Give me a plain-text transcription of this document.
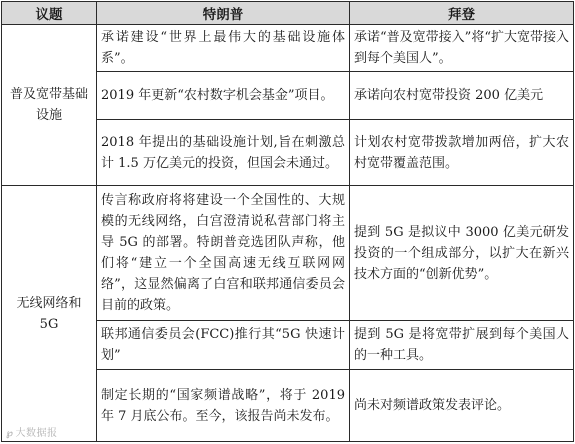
议题	特朗普	拜登
普及宽带基础设施	承诺建设“世界上最伟大的基础设施体系”。	承诺“普及宽带接入”将“扩大宽带接入到每个美国人”。
	2019 年更新“农村数字机会基金”项目。	承诺向农村宽带投资 200 亿美元
	2018 年提出的基础设施计划,旨在刺激总计 1.5 万亿美元的投资，但国会未通过。	计划农村宽带拨款增加两倍，扩大农村宽带覆盖范围。
无线网络和 5G	传言称政府将将建设一个全国性的、大规模的无线网络，白宫澄清说私营部门将主导 5G 的部署。特朗普竞选团队声称，他们将“建立一个全国高速无线互联网网络”，这显然偏离了白宫和联邦通信委员会目前的政策。	提到 5G 是拟议中 3000 亿美元研发投资的一个组成部分，以扩大在新兴技术方面的“创新优势”。
	联邦通信委员会(FCC)推行其“5G 快速计划”	提到 5G 是将宽带扩展到每个美国人的一种工具。
	制定长期的“国家频谱战略”，将于 2019 年 7 月底公布。至今，该报告尚未发布。	尚未对频谱政策发表评论。
℘ 大数据报
